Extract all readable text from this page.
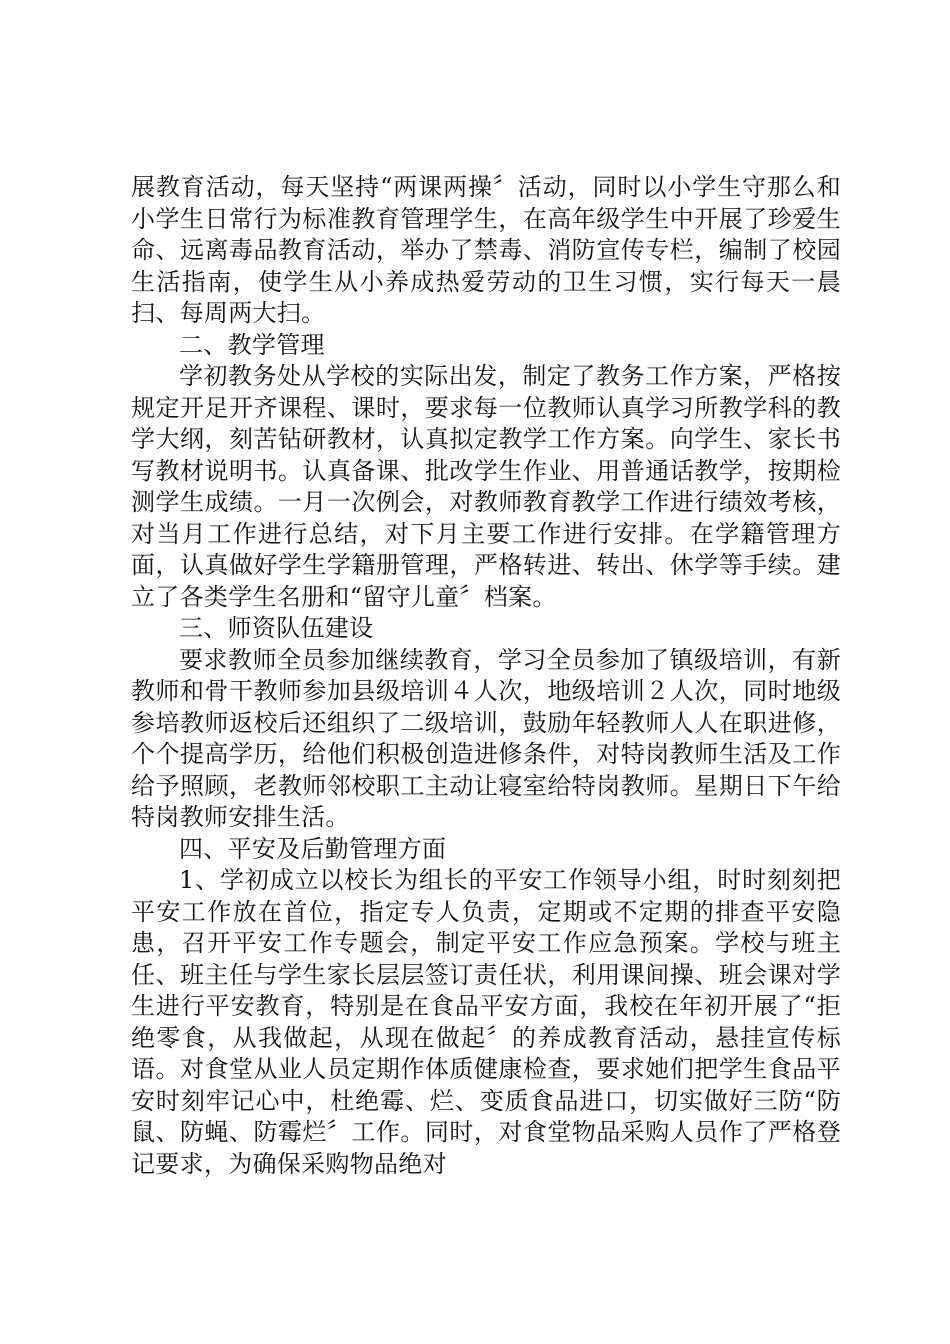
展教育活动，每天坚持“两课两操〞活动，同时以小学生守那么和小学生日常行为标准教育管理学生，在高年级学生中开展了珍爱生命、远离毒品教育活动，举办了禁毒、消防宣传专栏，编制了校园生活指南，使学生从小养成热爱劳动的卫生习惯，实行每天一晨扫、每周两大扫。

二、教学管理

学初教务处从学校的实际出发，制定了教务工作方案，严格按规定开足开齐课程、课时，要求每一位教师认真学习所教学科的教学大纲，刻苦钻研教材，认真拟定教学工作方案。向学生、家长书写教材说明书。认真备课、批改学生作业、用普通话教学，按期检测学生成绩。一月一次例会，对教师教育教学工作进行绩效考核，对当月工作进行总结，对下月主要工作进行安排。在学籍管理方面，认真做好学生学籍册管理，严格转进、转出、休学等手续。建立了各类学生名册和“留守儿童〞档案。

三、师资队伍建设

要求教师全员参加继续教育，学习全员参加了镇级培训，有新教师和骨干教师参加县级培训４人次，地级培训２人次，同时地级参培教师返校后还组织了二级培训，鼓励年轻教师人人在职进修，个个提高学历，给他们积极创造进修条件，对特岗教师生活及工作给予照顾，老教师邻校职工主动让寝室给特岗教师。星期日下午给特岗教师安排生活。

四、平安及后勤管理方面

1、学初成立以校长为组长的平安工作领导小组，时时刻刻把平安工作放在首位，指定专人负责，定期或不定期的排查平安隐患，召开平安工作专题会，制定平安工作应急预案。学校与班主任、班主任与学生家长层层签订责任状，利用课间操、班会课对学生进行平安教育，特别是在食品平安方面，我校在年初开展了“拒绝零食，从我做起，从现在做起〞的养成教育活动，悬挂宣传标语。对食堂从业人员定期作体质健康检查，要求她们把学生食品平安时刻牢记心中，杜绝霉、烂、变质食品进口，切实做好三防“防鼠、防蝇、防霉烂〞工作。同时，对食堂物品采购人员作了严格登记要求，为确保采购物品绝对
